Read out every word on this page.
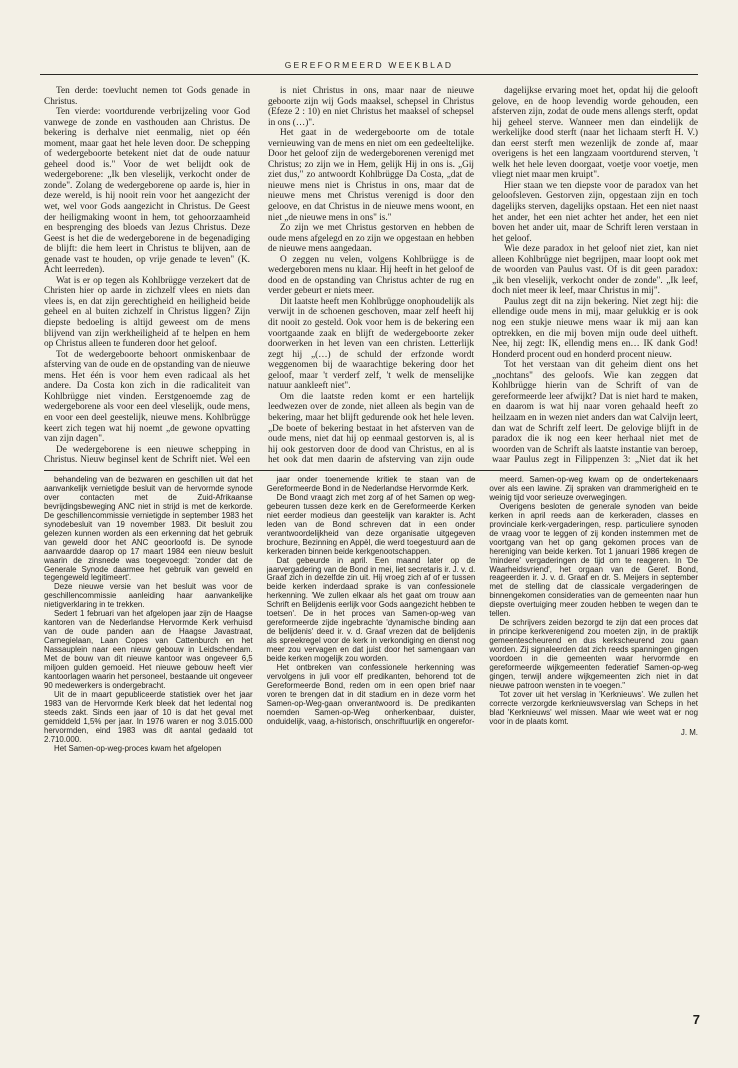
GEREFORMEERD WEEKBLAD

Ten derde: toevlucht nemen tot Gods genade in Christus.

Ten vierde: voortdurende verbrijzeling voor God vanwege de zonde en vasthouden aan Christus. De bekering is derhalve niet eenmalig, niet op één moment, maar gaat het hele leven door. De schepping of wedergeboorte betekent niet dat de oude natuur geheel dood is." Voor de wet belijdt ook de wedergeborene: „Ik ben vleselijk, verkocht onder de zonde". Zolang de wedergeborene op aarde is, hier in deze wereld, is hij nooit rein voor het aangezicht der wet, wel voor Gods aangezicht in Christus. De Geest der heiligmaking woont in hem, tot gehoorzaamheid en besprenging des bloeds van Jezus Christus. Deze Geest is het die de wedergeborene in de begenadiging de blijft: die hem leert in Christus te blijven, aan de genade vast te houden, op vrije genade te leven" (K. Acht leerreden).

Wat is er op tegen als Kohlbrügge verzekert dat de Christen hier op aarde in zichzelf vlees en niets dan vlees is, en dat zijn gerechtigheid en heiligheid beide geheel en al buiten zichzelf in Christus liggen? Zijn diepste bedoeling is altijd geweest om de mens blijvend van zijn werkheiligheid af te helpen en hem op Christus alleen te funderen door het geloof.

Tot de wedergeboorte behoort onmiskenbaar de afsterving van de oude en de opstanding van de nieuwe mens. Het één is voor hem even radicaal als het andere. Da Costa kon zich in die radicaliteit van Kohlbrügge niet vinden. Eerstgenoemde zag de wedergeborene als voor een deel vleselijk, oude mens, en voor een deel geestelijk, nieuwe mens. Kohlbrügge keert zich tegen wat hij noemt „de gewone opvatting van zijn dagen".

De wedergeborene is een nieuwe schepping in Christus. Nieuw beginsel kent de Schrift niet. Wel een

is niet Christus in ons, maar naar de nieuwe geboorte zijn wij Gods maaksel, schepsel in Christus (Efeze 2 : 10) en niet Christus het maaksel of schepsel in ons (…)".

Het gaat in de wedergeboorte om de totale vernieuwing van de mens en niet om een gedeeltelijke. Door het geloof zijn de wedergeborenen verenigd met Christus; zo zijn we in Hem, gelijk Hij in ons is. „Gij ziet dus," zo antwoordt Kohlbrügge Da Costa, „dat de nieuwe mens niet is Christus in ons, maar dat de nieuwe mens met Christus verenigd is door den geloove, en dat Christus in de nieuwe mens woont, en niet „de nieuwe mens in ons" is."

Zo zijn we met Christus gestorven en hebben de oude mens afgelegd en zo zijn we opgestaan en hebben de nieuwe mens aangedaan.

O zeggen nu velen, volgens Kohlbrügge is de wedergeboren mens nu klaar. Hij heeft in het geloof de dood en de opstanding van Christus achter de rug en verder gebeurt er niets meer.

Dit laatste heeft men Kohlbrügge onophoudelijk als verwijt in de schoenen geschoven, maar zelf heeft hij dit nooit zo gesteld. Ook voor hem is de bekering een voortgaande zaak en blijft de wedergeboorte zeker doorwerken in het leven van een christen. Letterlijk zegt hij „(…) de schuld der erfzonde wordt weggenomen bij de waarachtige bekering door het geloof, maar 't verderf zelf, 't welk de menselijke natuur aankleeft niet".

Om die laatste reden komt er een hartelijk leedwezen over de zonde, niet alleen als begin van de bekering, maar het blijft gedurende ook het hele leven. „De boete of bekering bestaat in het afsterven van de oude mens, niet dat hij op eenmaal gestorven is, al is hij ook gestorven door de dood van Christus, en al is het ook dat men daarin de afsterving van zijn oude

dagelijkse ervaring moet het, opdat hij die gelooft gelove, en de hoop levendig worde gehouden, een afsterven zijn, zodat de oude mens allengs sterft, opdat hij geheel sterve. Wanneer men dan eindelijk de werkelijke dood sterft (naar het lichaam sterft H. V.) dan eerst sterft men wezenlijk de zonde af, maar overigens is het een langzaam voortdurend sterven, 't welk het hele leven doorgaat, voetje voor voetje, men vliegt niet maar men kruipt".

Hier staan we ten diepste voor de paradox van het geloofsleven. Gestorven zijn, opgestaan zijn en toch dagelijks sterven, dagelijks opstaan. Het een niet naast het ander, het een niet achter het ander, het een niet boven het ander uit, maar de Schrift leren verstaan in het geloof.

Wie deze paradox in het geloof niet ziet, kan niet alleen Kohlbrügge niet begrijpen, maar loopt ook met de woorden van Paulus vast. Of is dit geen paradox: „ik ben vleselijk, verkocht onder de zonde". „Ik leef, doch niet meer ik leef, maar Christus in mij".

Paulus zegt dit na zijn bekering. Niet zegt hij: die ellendige oude mens in mij, maar gelukkig er is ook nog een stukje nieuwe mens waar ik mij aan kan optrekken, en die mij boven mijn oude deel uitheft. Nee, hij zegt: IK, ellendig mens en… IK dank God! Honderd procent oud en honderd procent nieuw.

Tot het verstaan van dit geheim dient ons het „nochtans" des geloofs. Wie kan zeggen dat Kohlbrügge hierin van de Schrift of van de gereformeerde leer afwijkt? Dat is niet hard te maken, en daarom is wat hij naar voren gehaald heeft zo heilzaam en in wezen niet anders dan wat Calvijn leert, dan wat de Schrift zelf leert. De gelovige blijft in de paradox die ik nog een keer herhaal niet met de woorden van de Schrift als laatste instantie van beroep, waar Paulus zegt in Filippenzen 3: „Niet dat ik het

behandeling van de bezwaren en geschillen uit dat het aanvankelijk vernietigde besluit van de hervormde synode over contacten met de Zuid-Afrikaanse bevrijdingsbeweging ANC niet in strijd is met de kerkorde. De geschillencommissie vernietigde in september 1983 het synodebesluit van 19 november 1983. Dit besluit zou gelezen kunnen worden als een erkenning dat het gebruik van geweld door het ANC geoorloofd is. De synode aanvaardde daarop op 17 maart 1984 een nieuw besluit waarin de zinsnede was toegevoegd: 'zonder dat de Generale Synode daarmee het gebruik van geweld en tegengeweld legitimeert'.

Deze nieuwe versie van het besluit was voor de geschillencommissie aanleiding haar aanvankelijke nietigverklaring in te trekken.

Sedert 1 februari van het afgelopen jaar zijn de Haagse kantoren van de Nederlandse Hervormde Kerk verhuisd van de oude panden aan de Haagse Javastraat, Carnegielaan, Laan Copes van Cattenburch en het Nassauplein naar een nieuw gebouw in Leidschendam. Met de bouw van dit nieuwe kantoor was ongeveer 6,5 miljoen gulden gemoeid. Het nieuwe gebouw heeft vier kantoorlagen waarin het personeel, bestaande uit ongeveer 90 medewerkers is ondergebracht.

Uit de in maart gepubliceerde statistiek over het jaar 1983 van de Hervormde Kerk bleek dat het ledental nog steeds zakt. Sinds een jaar of 10 is dat het geval met gemiddeld 1,5% per jaar. In 1976 waren er nog 3.015.000 hervormden, eind 1983 was dit aantal gedaald tot 2.710.000.

Het Samen-op-weg-proces kwam het afgelopen

jaar onder toenemende kritiek te staan van de Gereformeerde Bond in de Nederlandse Hervormde Kerk.

De Bond vraagt zich met zorg af of het Samen op weg-gebeuren tussen deze kerk en de Gereformeerde Kerken niet eerder modieus dan geestelijk van karakter is. Acht leden van de Bond schreven dat in een onder verantwoordelijkheid van deze organisatie uitgegeven brochure, Bezinning en Appèl, die werd toegestuurd aan de kerkeraden binnen beide kerkgenootschappen.

Dat gebeurde in april. Een maand later op de jaarvergadering van de Bond in mei, liet secretaris ir. J. v. d. Graaf zich in dezelfde zin uit. Hij vroeg zich af of er tussen beide kerken inderdaad sprake is van confessionele herkenning. 'We zullen elkaar als het gaat om trouw aan Schrift en Belijdenis eerlijk voor Gods aangezicht hebben te toetsen'. De in het proces van Samen-op-weg van gereformeerde zijde ingebrachte 'dynamische binding aan de belijdenis' deed ir. v. d. Graaf vrezen dat de belijdenis als spreekregel voor de kerk in verkondiging en dienst nog meer zou vervagen en dat juist door het samengaan van beide kerken mogelijk zou worden.

Het ontbreken van confessionele herkenning was vervolgens in juli voor elf predikanten, behorend tot de Gereformeerde Bond, reden om in een open brief naar voren te brengen dat in dit stadium en in deze vorm het Samen-op-Weg-gaan onverantwoord is. De predikanten noemden Samen-op-Weg onherkenbaar, duister, onduidelijk, vaag, a-historisch, onschriftuurlijk en ongerefor-

meerd. Samen-op-weg kwam op de ondertekenaars over als een lawine. Zij spraken van drammerigheid en te weinig tijd voor serieuze overwegingen.

Overigens besloten de generale synoden van beide kerken in april reeds aan de kerkeraden, classes en provinciale kerk-vergaderingen, resp. particuliere synoden de vraag voor te leggen of zij konden instemmen met de voortgang van het op gang gekomen proces van de hereniging van beide kerken. Tot 1 januari 1986 kregen de 'mindere' vergaderingen de tijd om te reageren. In 'De Waarheidsvriend', het orgaan van de Geref. Bond, reageerden ir. J. v. d. Graaf en dr. S. Meijers in september met de stelling dat de classicale vergaderingen de binnengekomen consideraties van de gemeenten naar hun diepste overtuiging meer zouden hebben te wegen dan te tellen.

De schrijvers zeiden bezorgd te zijn dat een proces dat in principe kerkverenigend zou moeten zijn, in de praktijk gemeentescheurend en dus kerkscheurend zou gaan worden. Zij signaleerden dat zich reeds spanningen gingen voordoen in die gemeenten waar hervormde en gereformeerde wijkgemeenten federatief Samen-op-weg gingen, terwijl andere wijkgemeenten zich niet in dat nieuwe patroon wensten in te voegen."

Tot zover uit het verslag in 'Kerknieuws'. We zullen het correcte verzorgde kerknieuwsverslag van Scheps in het blad 'Kerknieuws' wel missen. Maar wie weet wat er nog voor in de plaats komt.

J. M.

7
